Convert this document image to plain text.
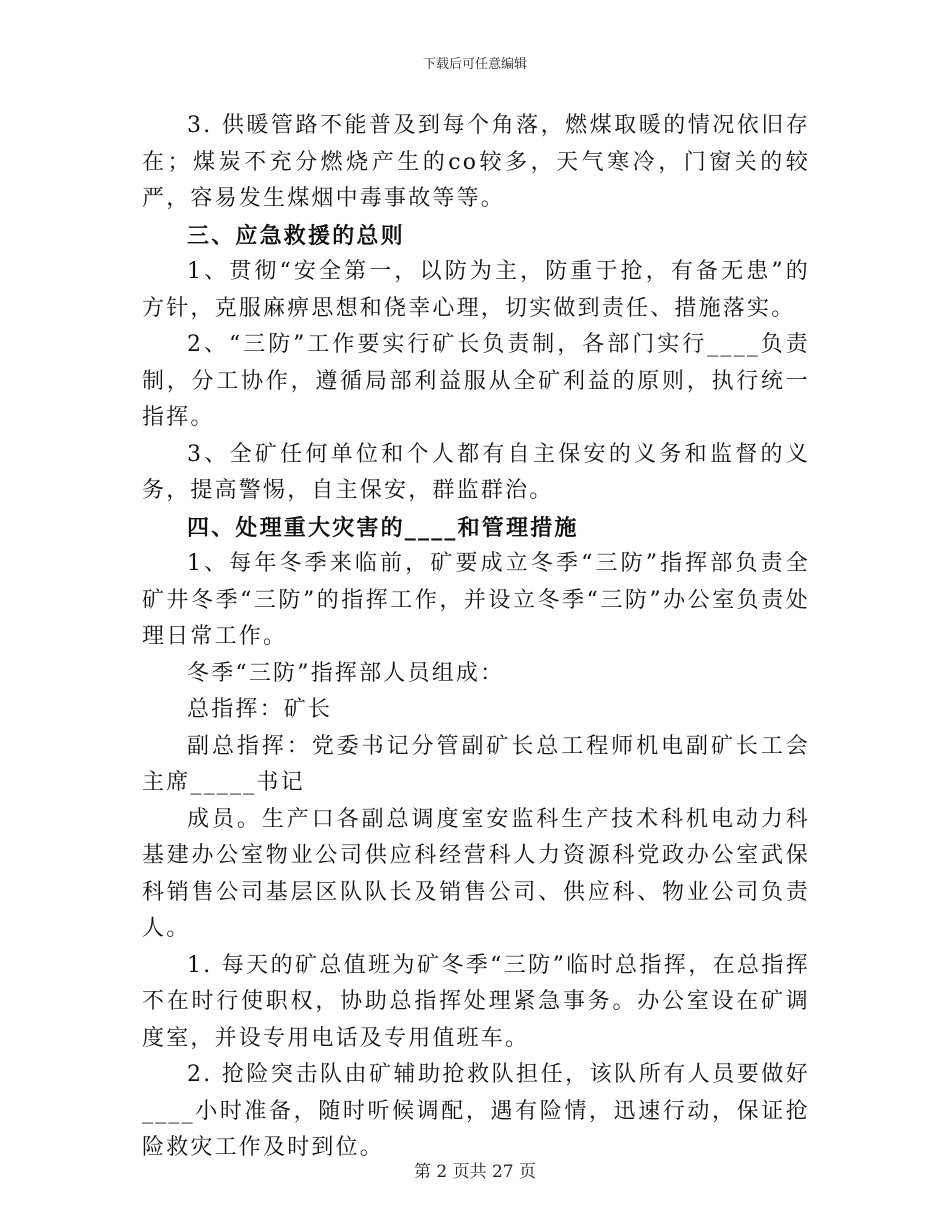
下载后可任意编辑

3. 供暖管路不能普及到每个角落，燃煤取暖的情况依旧存在；煤炭不充分燃烧产生的co较多，天气寒冷，门窗关的较严，容易发生煤烟中毒事故等等。

三、应急救援的总则

1、贯彻“安全第一，以防为主，防重于抢，有备无患”的方针，克服麻痹思想和侥幸心理，切实做到责任、措施落实。

2、“三防”工作要实行矿长负责制，各部门实行____负责制，分工协作，遵循局部利益服从全矿利益的原则，执行统一指挥。

3、全矿任何单位和个人都有自主保安的义务和监督的义务，提高警惕，自主保安，群监群治。

四、处理重大灾害的____和管理措施

1、每年冬季来临前，矿要成立冬季“三防”指挥部负责全矿井冬季“三防”的指挥工作，并设立冬季“三防”办公室负责处理日常工作。

冬季“三防”指挥部人员组成：

总指挥：矿长

副总指挥：党委书记分管副矿长总工程师机电副矿长工会主席_____书记

成员。生产口各副总调度室安监科生产技术科机电动力科基建办公室物业公司供应科经营科人力资源科党政办公室武保科销售公司基层区队队长及销售公司、供应科、物业公司负责人。

1. 每天的矿总值班为矿冬季“三防”临时总指挥，在总指挥不在时行使职权，协助总指挥处理紧急事务。办公室设在矿调度室，并设专用电话及专用值班车。

2. 抢险突击队由矿辅助抢救队担任，该队所有人员要做好____小时准备，随时听候调配，遇有险情，迅速行动，保证抢险救灾工作及时到位。

第 2 页共 27 页
